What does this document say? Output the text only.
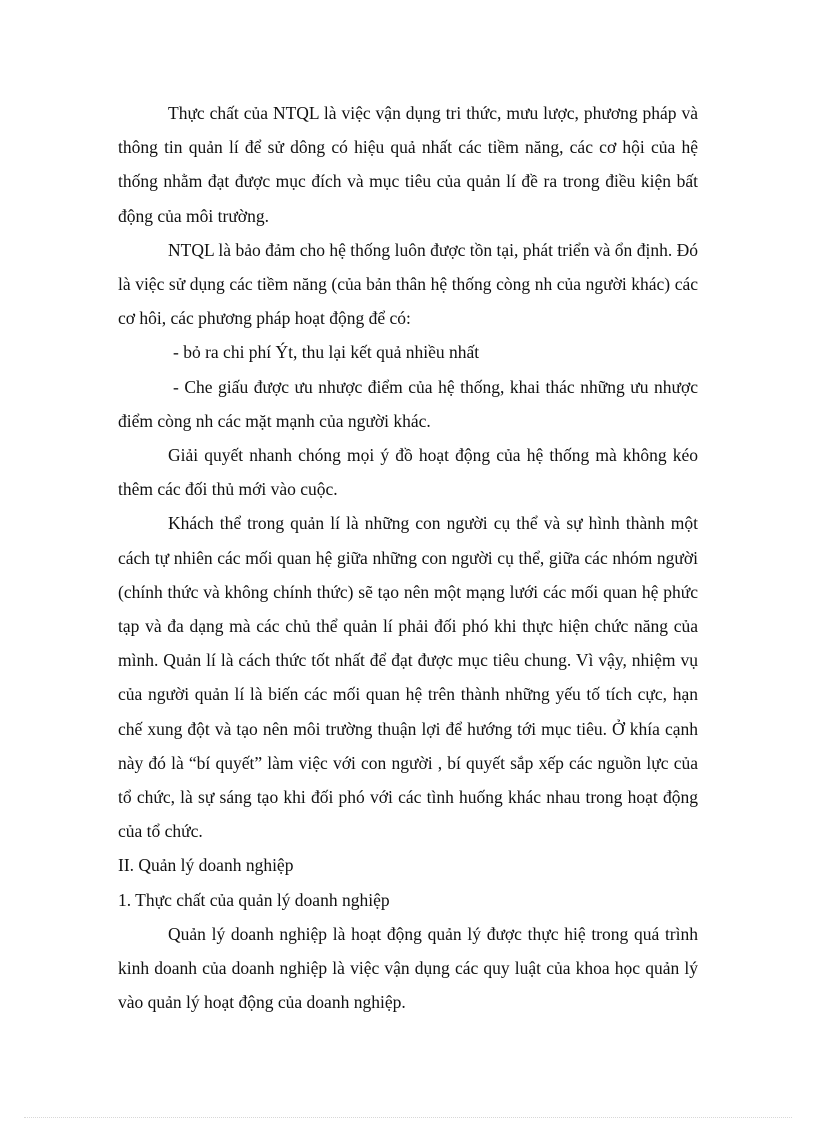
Thực chất của NTQL là việc vận dụng tri thức, mưu lược, phương pháp và thông tin quản lí để sử dông có hiệu quả nhất các tiềm năng, các cơ hội của hệ thống nhằm đạt được mục đích và mục tiêu của quản lí đề ra trong điều kiện bất động của môi trường.

NTQL là bảo đảm cho hệ thống luôn được tồn tại, phát triển và ổn định. Đó là việc sử dụng các tiềm năng (của bản thân hệ thống còng nh của người khác) các cơ hôi, các phương pháp hoạt động để có:

- bỏ ra chi phí Ýt, thu lại kết quả nhiều nhất

- Che giấu được ưu nhược điểm của hệ thống, khai thác những ưu nhược điểm còng nh các mặt mạnh của người khác.

Giải quyết nhanh chóng mọi ý đồ hoạt động của hệ thống mà không kéo thêm các đối thủ mới vào cuộc.

Khách thể trong quản lí là những con người cụ thể và sự hình thành một cách tự nhiên các mối quan hệ giữa những con người cụ thể, giữa các nhóm người (chính thức và không chính thức) sẽ tạo nên một mạng lưới các mối quan hệ phức tạp và đa dạng mà các chủ thể quản lí phải đối phó khi thực hiện chức năng của mình. Quản lí là cách thức tốt nhất để đạt được mục tiêu chung. Vì vậy, nhiệm vụ của người quản lí là biến các mối quan hệ trên thành những yếu tố tích cực, hạn chế xung đột và tạo nên môi trường thuận lợi để hướng tới mục tiêu. Ở khía cạnh này đó là “bí quyết” làm việc với con người , bí quyết sắp xếp các nguồn lực của tổ chức, là sự sáng tạo khi đối phó với các tình huống khác nhau trong hoạt động của tổ chức.

II. Quản lý doanh nghiệp

1. Thực chất của quản lý doanh nghiệp

Quản lý doanh nghiệp là hoạt động quản lý được thực hiệ trong quá trình kinh doanh của doanh nghiệp là việc vận dụng các quy luật của khoa học quản lý vào quản lý hoạt động của doanh nghiệp.
